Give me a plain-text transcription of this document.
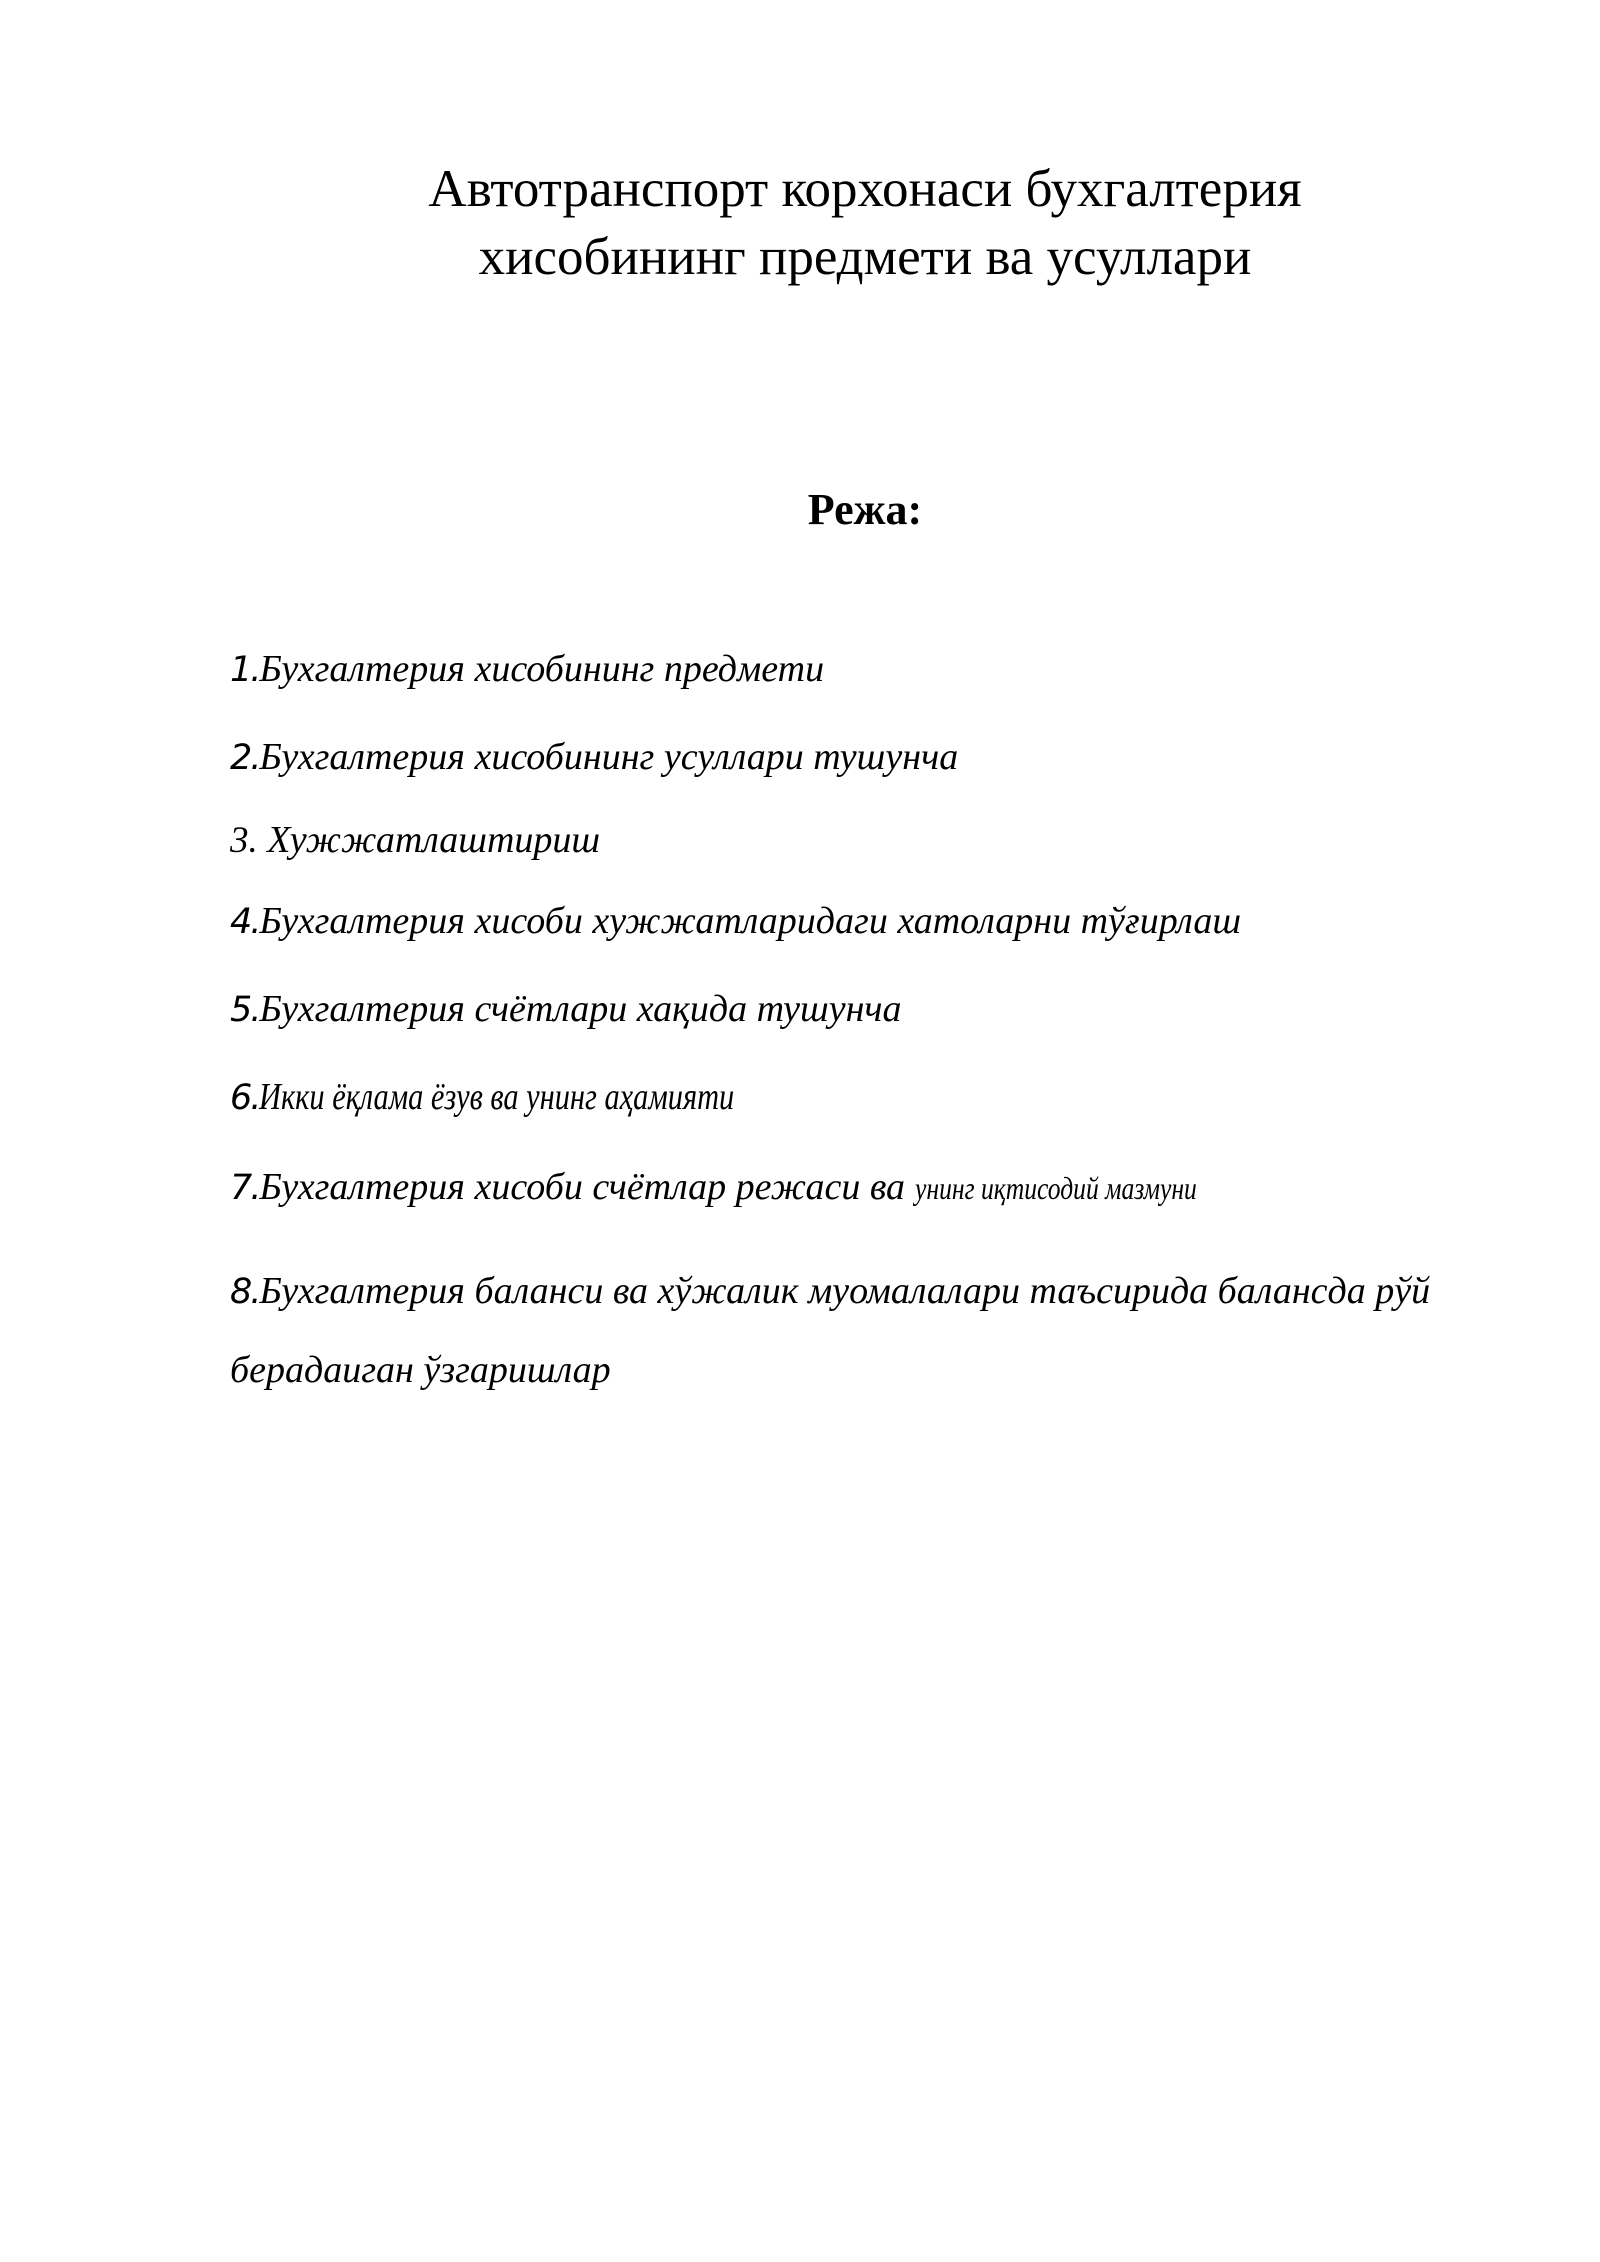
Автотранспорт корхонаси бухгалтерия
хисобининг предмети ва усуллари
Режа:
1.Бухгалтерия хисобининг предмети
2.Бухгалтерия хисобининг усуллари тушунча
3. Хужжатлаштириш
4.Бухгалтерия хисоби хужжатларидаги хатоларни тўғирлаш
5.Бухгалтерия счётлари хақида тушунча
6.Икки ёқлама ёзув ва унинг аҳамияти
7.Бухгалтерия хисоби счётлар режаси ва унинг иқтисодий мазмуни
8.Бухгалтерия баланси ва хўжалик муомалалари таъсирида балансда рўй берадаиган ўзгаришлар
